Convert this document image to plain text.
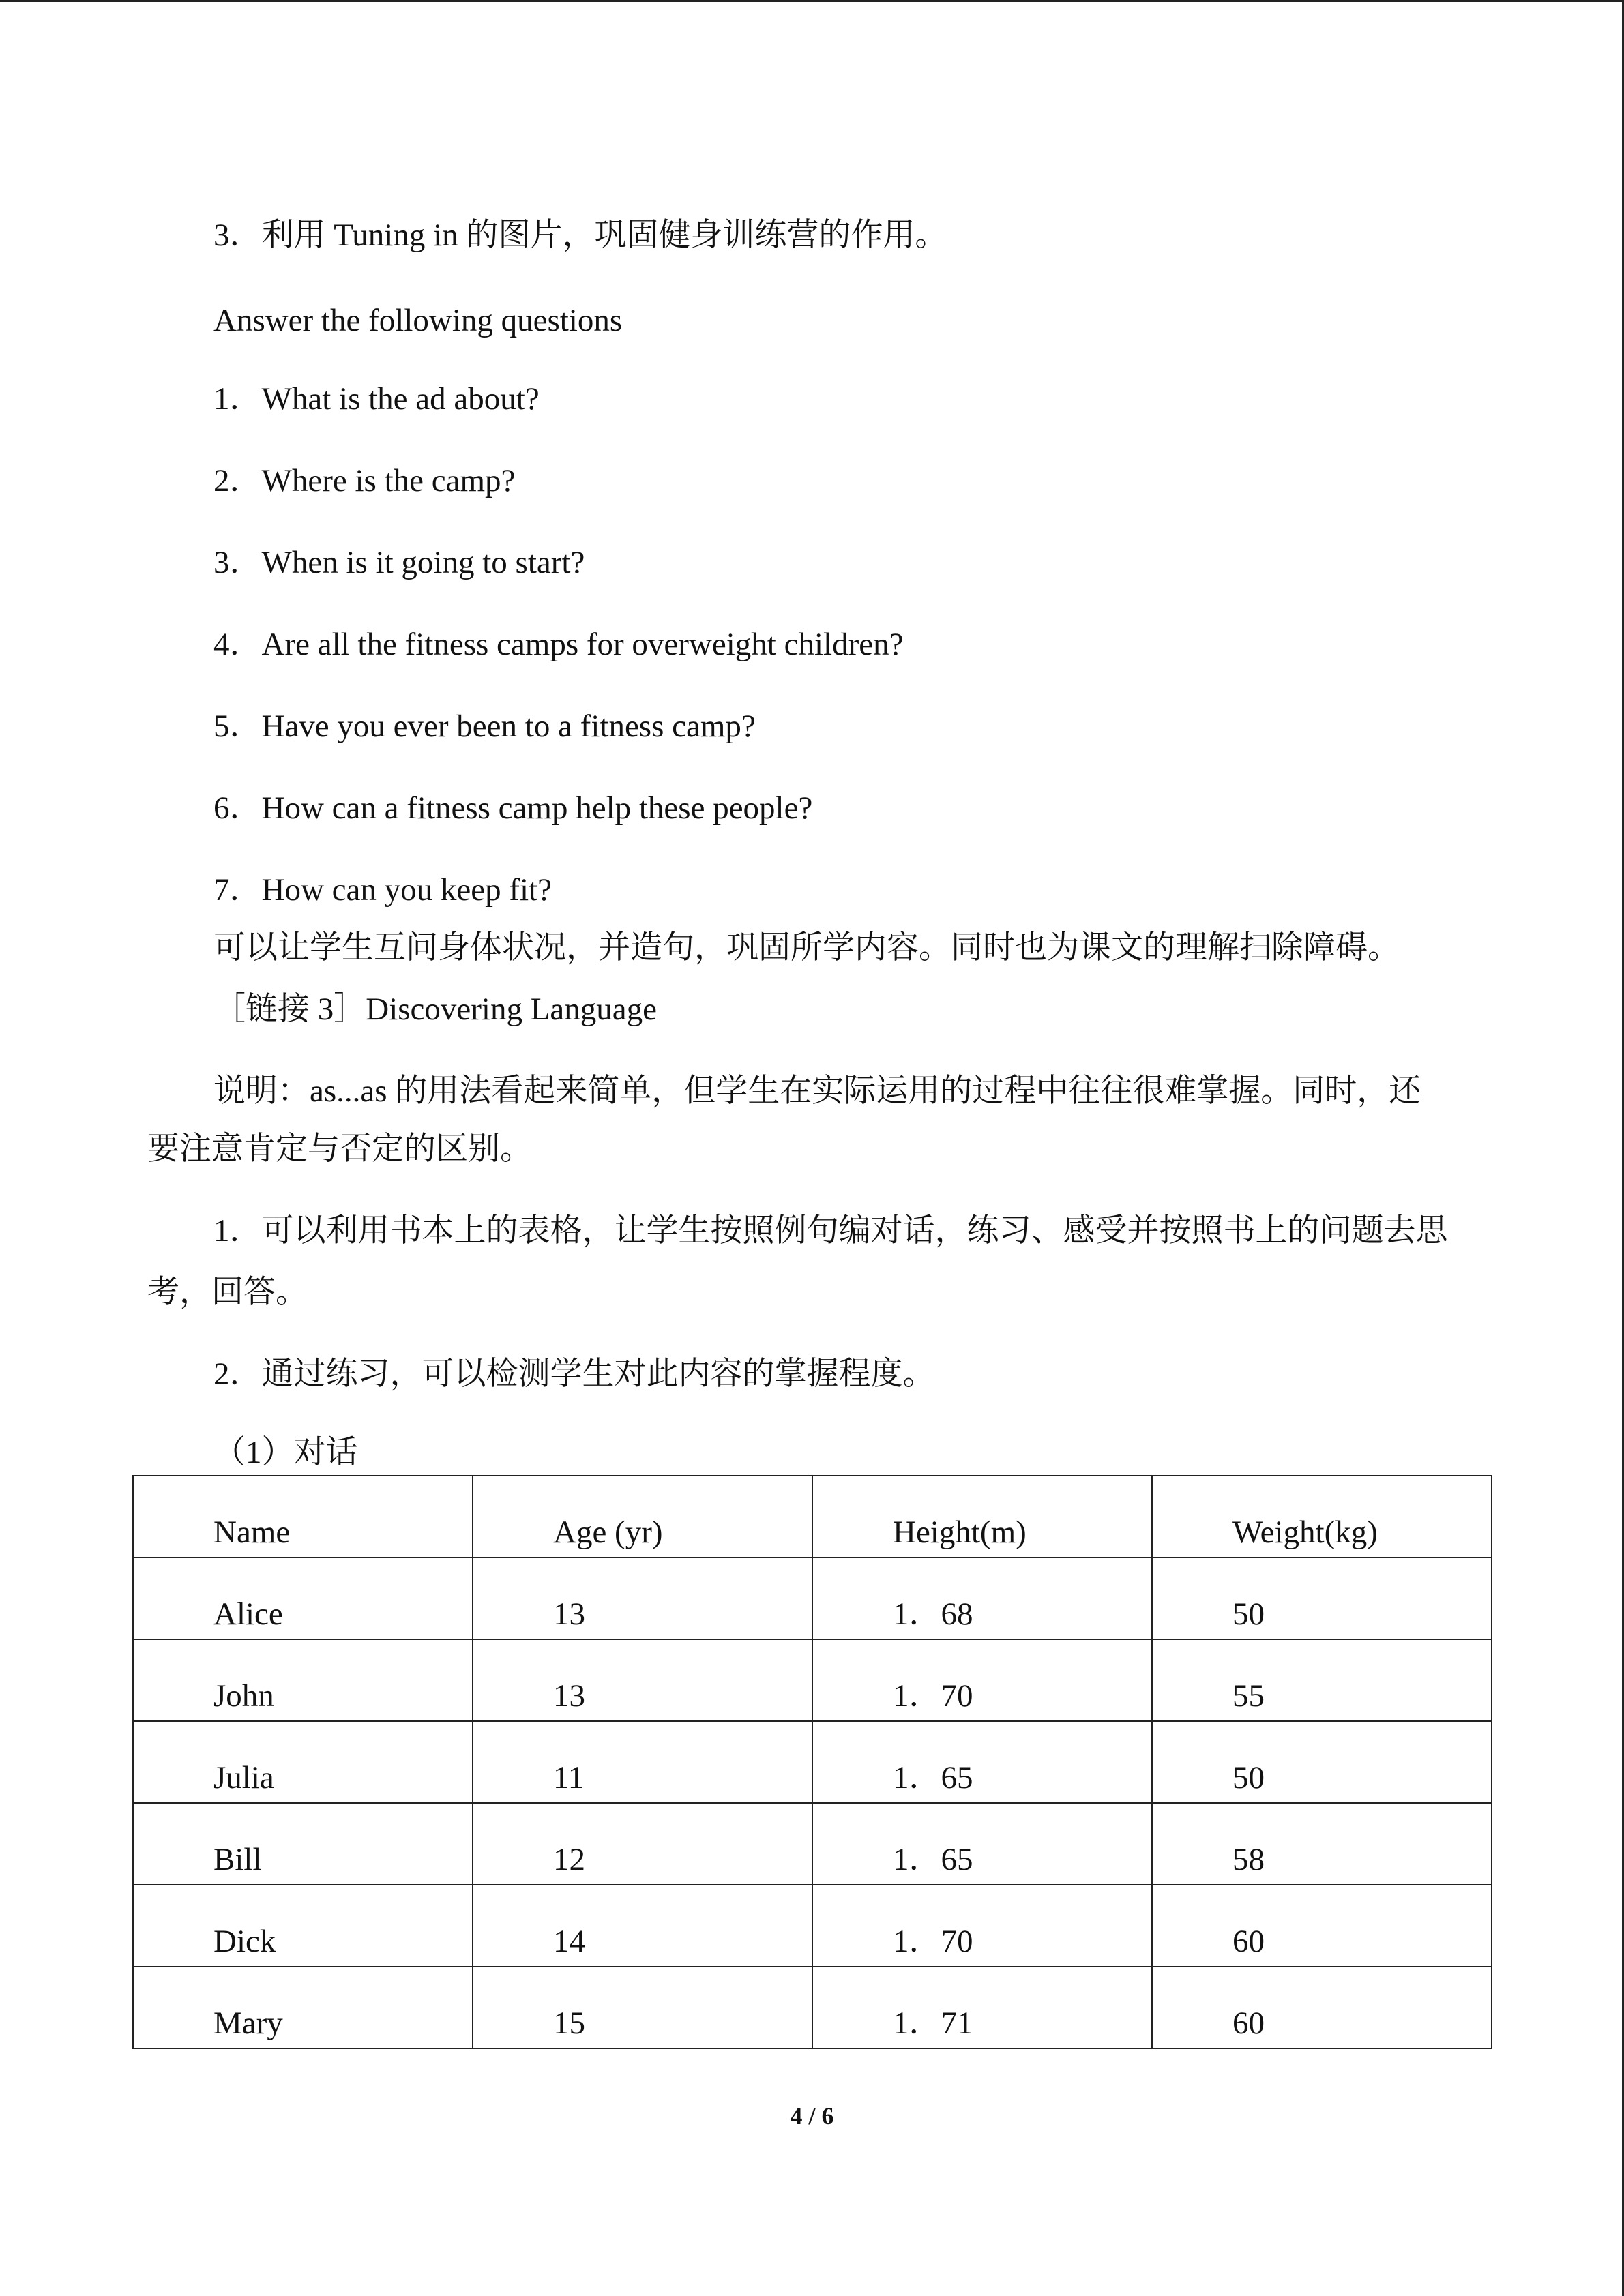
3．利用 Tuning in 的图片，巩固健身训练营的作用。
Answer the following questions
1．What is the ad about?
2．Where is the camp?
3．When is it going to start?
4．Are all the fitness camps for overweight children?
5．Have you ever been to a fitness camp?
6．How can a fitness camp help these people?
7．How can you keep fit?
可以让学生互问身体状况，并造句，巩固所学内容。同时也为课文的理解扫除障碍。
［链接 3］Discovering Language
说明：as...as 的用法看起来简单，但学生在实际运用的过程中往往很难掌握。同时，还
要注意肯定与否定的区别。
1．可以利用书本上的表格，让学生按照例句编对话，练习、感受并按照书上的问题去思
考，回答。
2．通过练习，可以检测学生对此内容的掌握程度。
（1）对话
Name	Age (yr)	Height(m)	Weight(kg)
Alice	13	1．68	50
John	13	1．70	55
Julia	11	1．65	50
Bill	12	1．65	58
Dick	14	1．70	60
Mary	15	1．71	60
4 / 6
